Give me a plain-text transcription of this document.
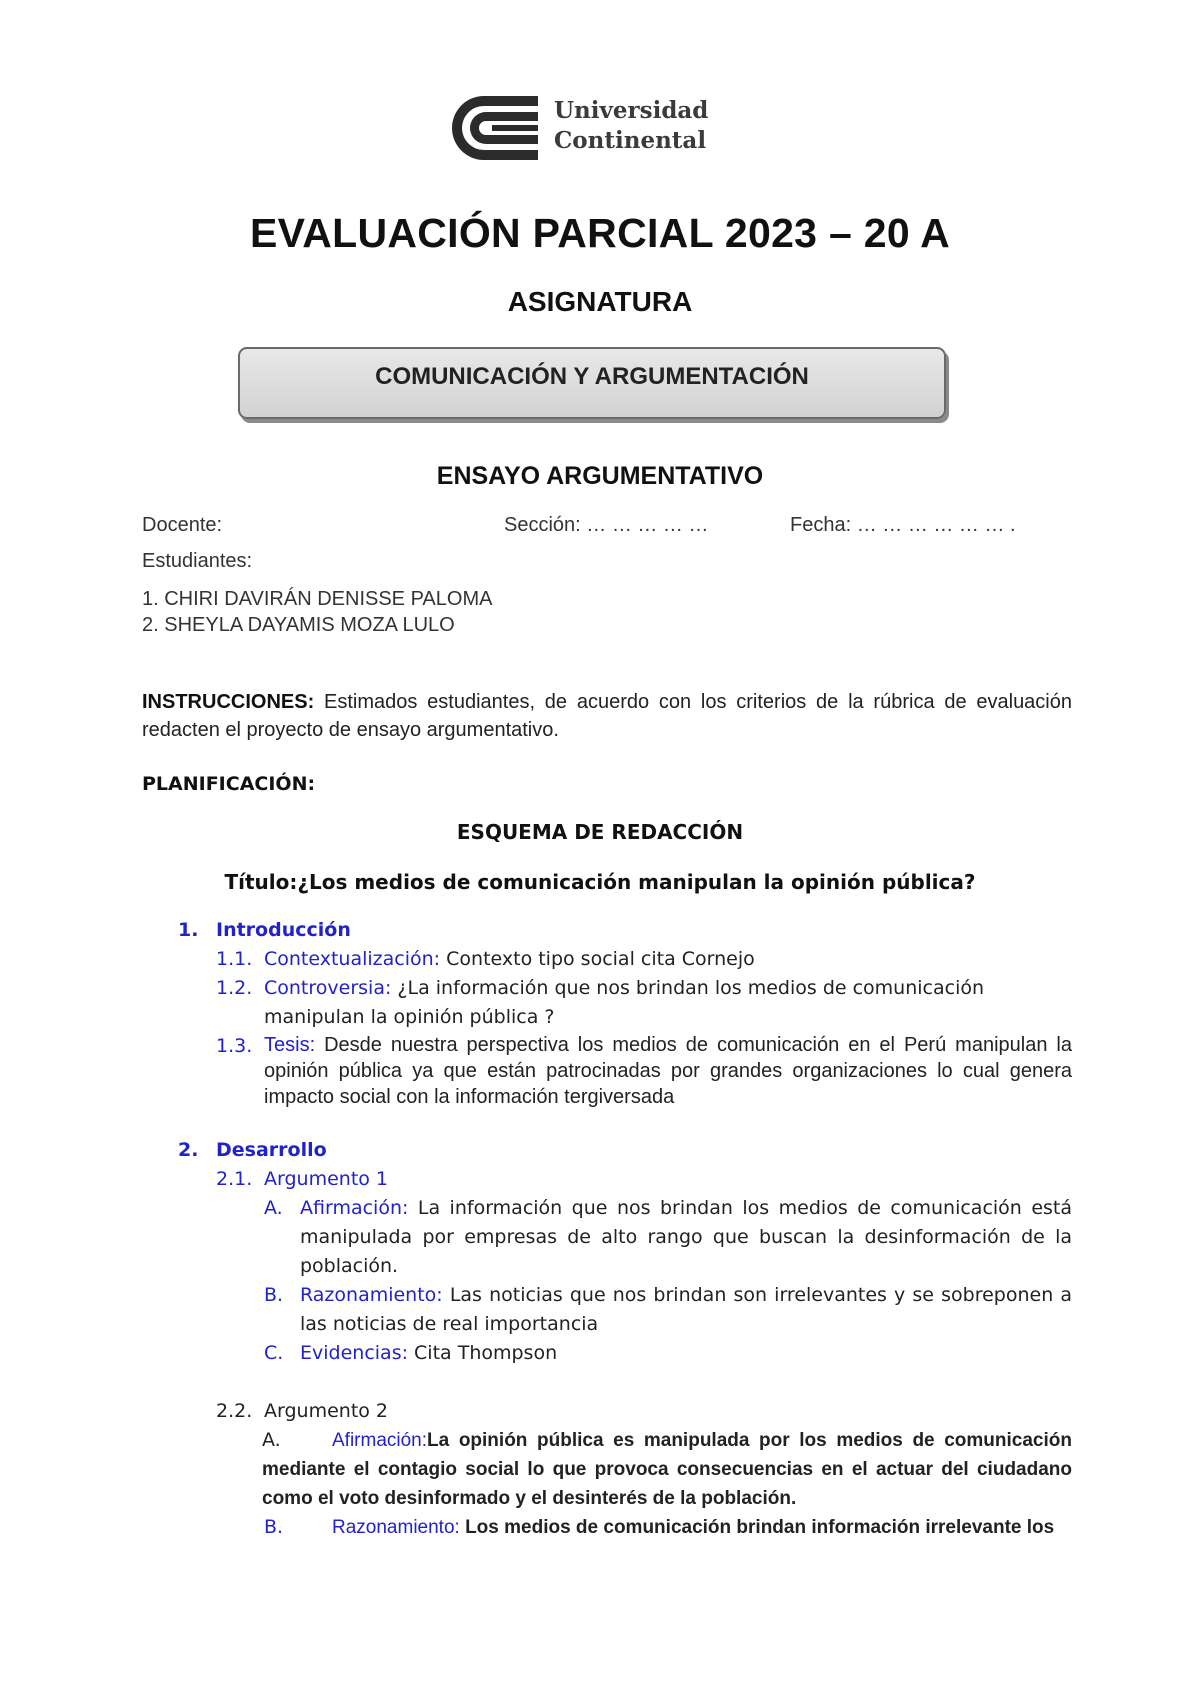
Universidad
Continental
EVALUACIÓN PARCIAL 2023 – 20 A
ASIGNATURA
COMUNICACIÓN Y ARGUMENTACIÓN
ENSAYO ARGUMENTATIVO
Docente:	Sección: … … … … …	Fecha: … … … … … … .
Estudiantes:
1. CHIRI DAVIRÁN DENISSE PALOMA
2. SHEYLA DAYAMIS MOZA LULO
INSTRUCCIONES: Estimados estudiantes, de acuerdo con los criterios de la rúbrica de evaluación redacten el proyecto de ensayo argumentativo.
PLANIFICACIÓN:
ESQUEMA DE REDACCIÓN
Título:¿Los medios de comunicación manipulan la opinión pública?
1. Introducción
1.1. Contextualización: Contexto tipo social cita Cornejo
1.2. Controversia: ¿La información que nos brindan los medios de comunicación manipulan la opinión pública ?
1.3. Tesis: Desde nuestra perspectiva los medios de comunicación en el Perú manipulan la opinión pública ya que están patrocinadas por grandes organizaciones lo cual genera impacto social con la información tergiversada
2. Desarrollo
2.1. Argumento 1
A. Afirmación: La información que nos brindan los medios de comunicación está manipulada por empresas de alto rango que buscan la desinformación de la población.
B. Razonamiento: Las noticias que nos brindan son irrelevantes y se sobreponen a las noticias de real importancia
C. Evidencias: Cita Thompson
2.2. Argumento 2
A.	Afirmación:La opinión pública es manipulada por los medios de comunicación mediante el contagio social lo que provoca consecuencias en el actuar del ciudadano como el voto desinformado y el desinterés de la población.
B.	Razonamiento: Los medios de comunicación brindan información irrelevante los
